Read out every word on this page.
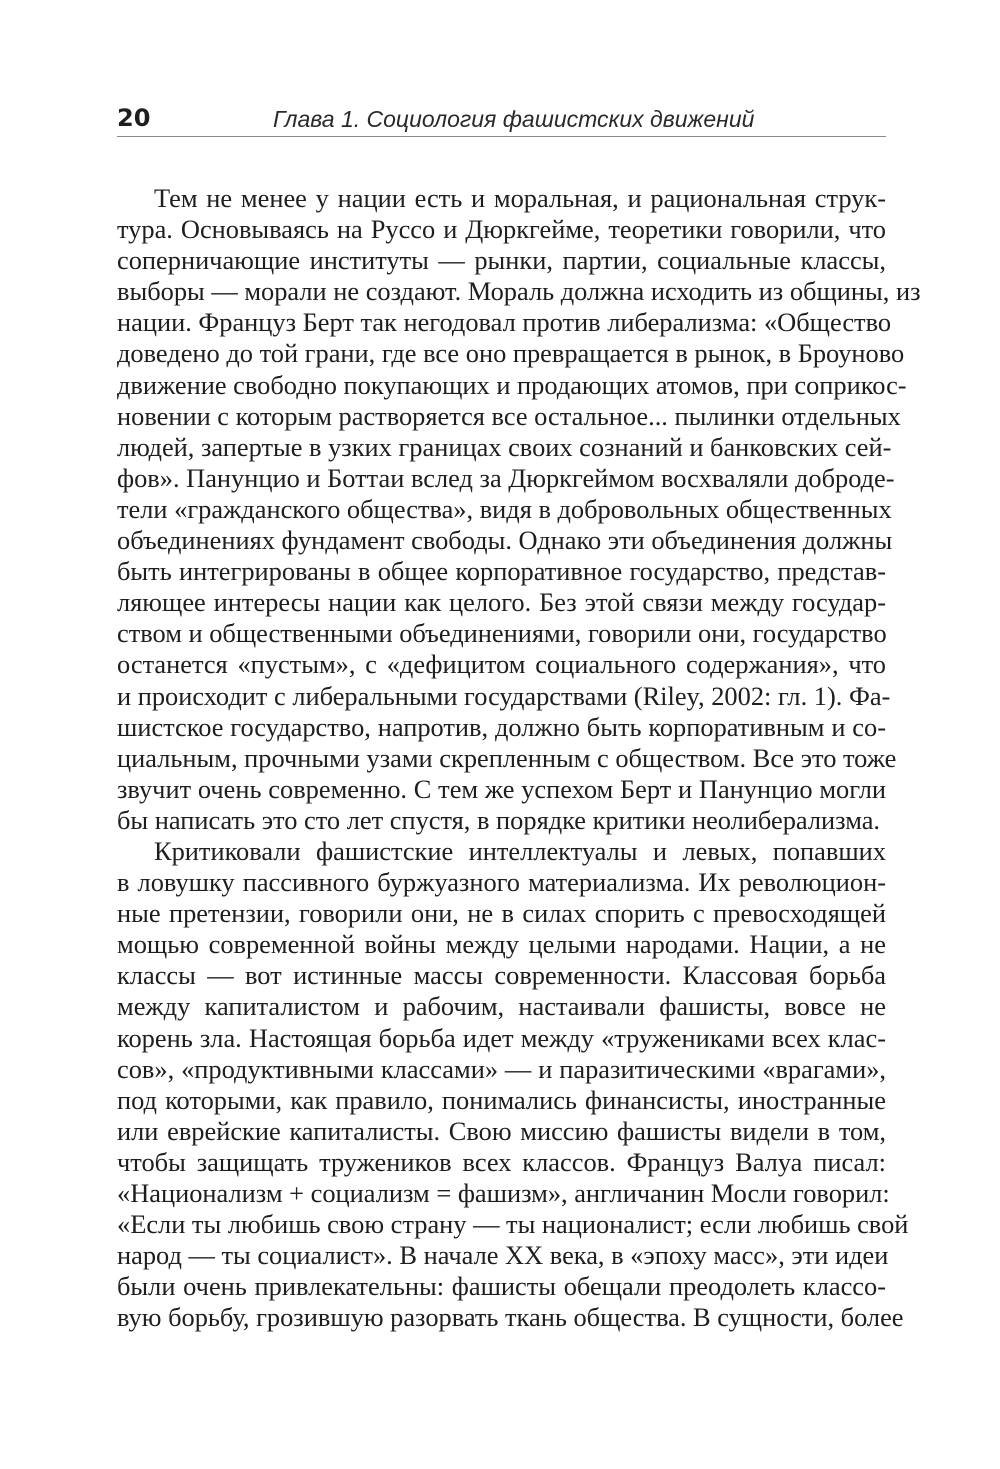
20	Глава 1. Социология фашистских движений
Тем не менее у нации есть и моральная, и рациональная струк-
тура. Основываясь на Руссо и Дюркгейме, теоретики говорили, что
соперничающие институты — рынки, партии, социальные классы,
выборы — морали не создают. Мораль должна исходить из общины, из
нации. Француз Берт так негодовал против либерализма: «Общество
доведено до той грани, где все оно превращается в рынок, в Броуново
движение свободно покупающих и продающих атомов, при соприкос-
новении с которым растворяется все остальное... пылинки отдельных
людей, запертые в узких границах своих сознаний и банковских сей-
фов». Панунцио и Боттаи вслед за Дюркгеймом восхваляли доброде-
тели «гражданского общества», видя в добровольных общественных
объединениях фундамент свободы. Однако эти объединения должны
быть интегрированы в общее корпоративное государство, представ-
ляющее интересы нации как целого. Без этой связи между государ-
ством и общественными объединениями, говорили они, государство
останется «пустым», с «дефицитом социального содержания», что
и происходит с либеральными государствами (Riley, 2002: гл. 1). Фа-
шистское государство, напротив, должно быть корпоративным и со-
циальным, прочными узами скрепленным с обществом. Все это тоже
звучит очень современно. С тем же успехом Берт и Панунцио могли
бы написать это сто лет спустя, в порядке критики неолиберализма.
Критиковали фашистские интеллектуалы и левых, попавших
в ловушку пассивного буржуазного материализма. Их революцион-
ные претензии, говорили они, не в силах спорить с превосходящей
мощью современной войны между целыми народами. Нации, а не
классы — вот истинные массы современности. Классовая борьба
между капиталистом и рабочим, настаивали фашисты, вовсе не
корень зла. Настоящая борьба идет между «тружениками всех клас-
сов», «продуктивными классами» — и паразитическими «врагами»,
под которыми, как правило, понимались финансисты, иностранные
или еврейские капиталисты. Свою миссию фашисты видели в том,
чтобы защищать тружеников всех классов. Француз Валуа писал:
«Национализм + социализм = фашизм», англичанин Мосли говорил:
«Если ты любишь свою страну — ты националист; если любишь свой
народ — ты социалист». В начале XX века, в «эпоху масс», эти идеи
были очень привлекательны: фашисты обещали преодолеть классо-
вую борьбу, грозившую разорвать ткань общества. В сущности, более
